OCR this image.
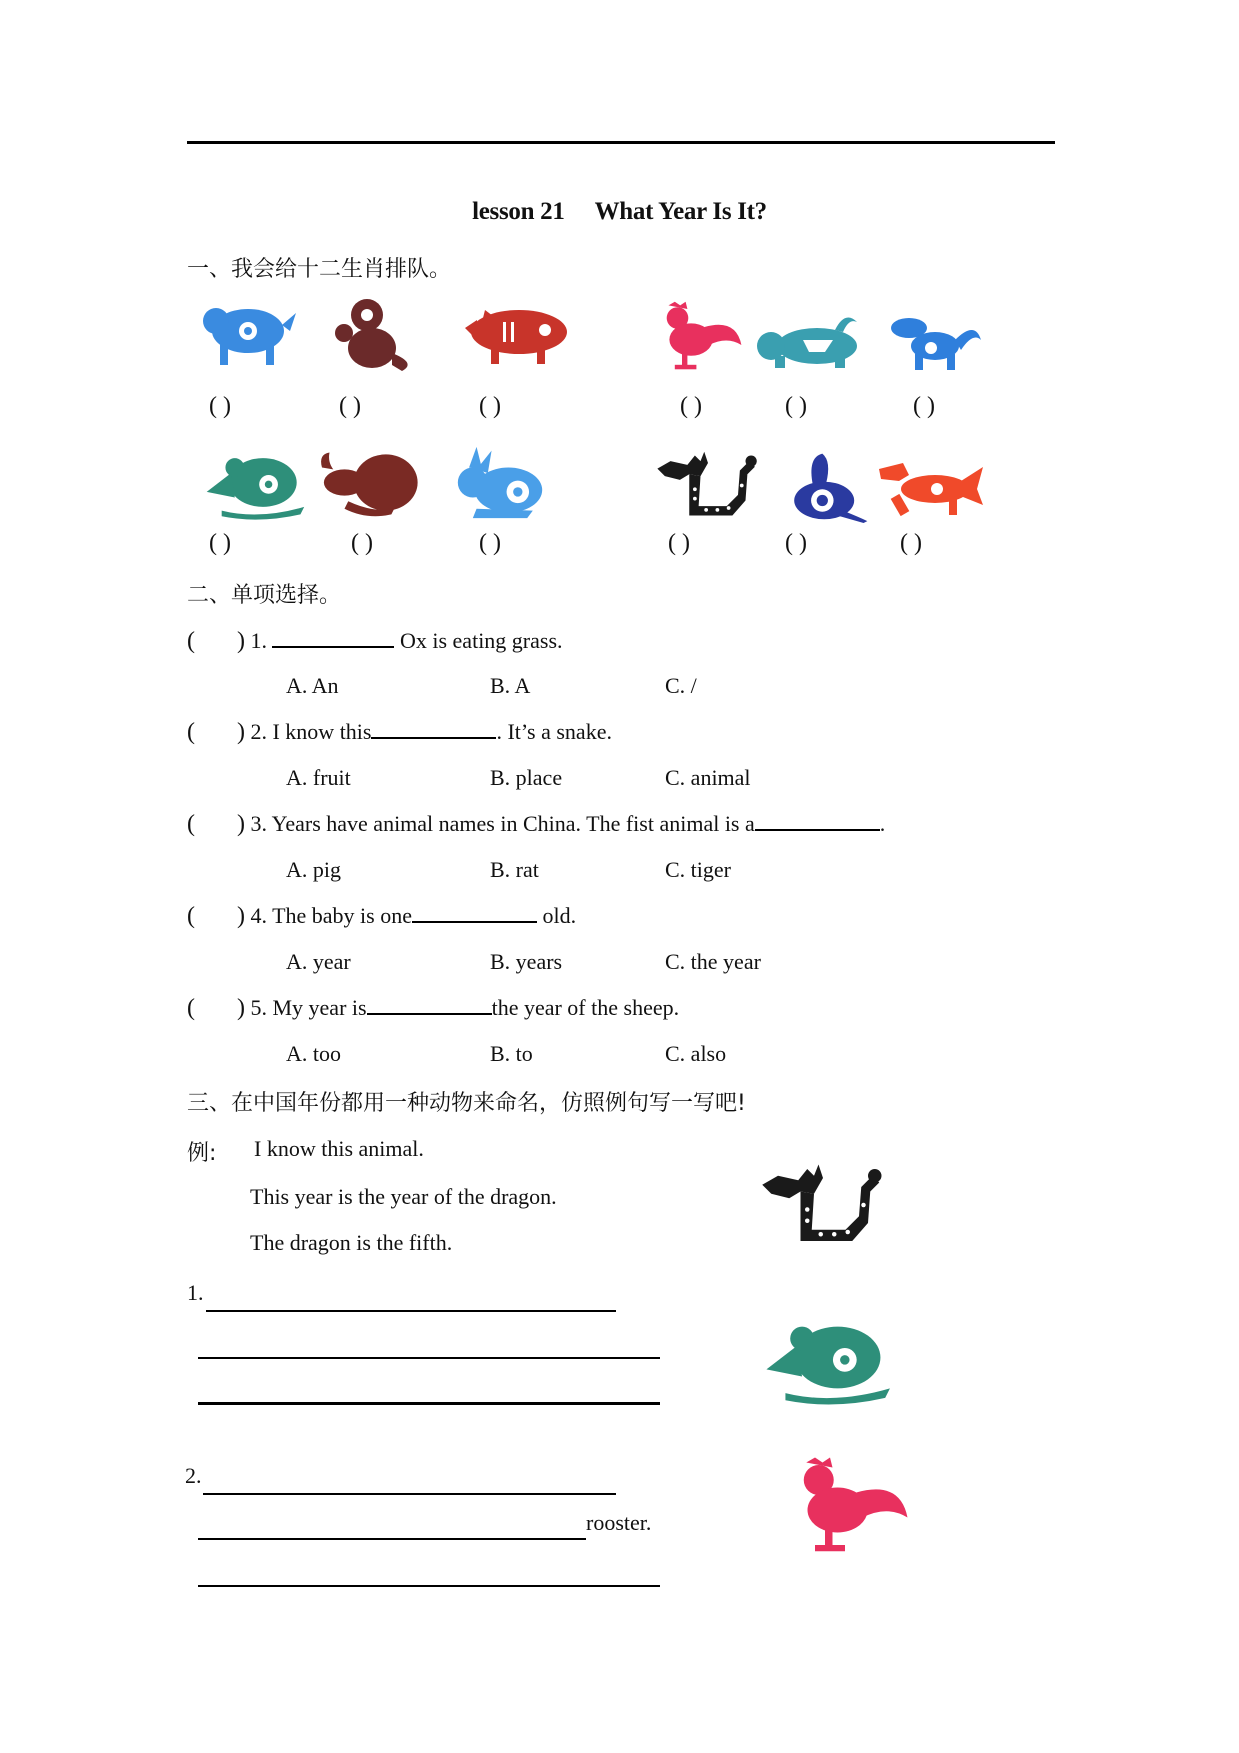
lesson 21 What Year Is It?
一、我会给十二生肖排队。
( )	( )	( )	( )	( )	( )
( )	( )	( )	( )	( )	( )
二、单项选择。
(       ) 1.	Ox is eating grass.
A. An	B. A	C. /
(       ) 2. I know this	. It’s a snake.
A. fruit	B. place	C. animal
(       ) 3. Years have animal names in China. The fist animal is a	.
A. pig	B. rat	C. tiger
(       ) 4. The baby is one	old.
A. year	B. years	C. the year
(       ) 5. My year is	the year of the sheep.
A. too	B. to	C. also
三、在中国年份都用一种动物来命名，仿照例句写一写吧!
例: I know this animal.
This year is the year of the dragon.
The dragon is the fifth.
1.
2.
rooster.
